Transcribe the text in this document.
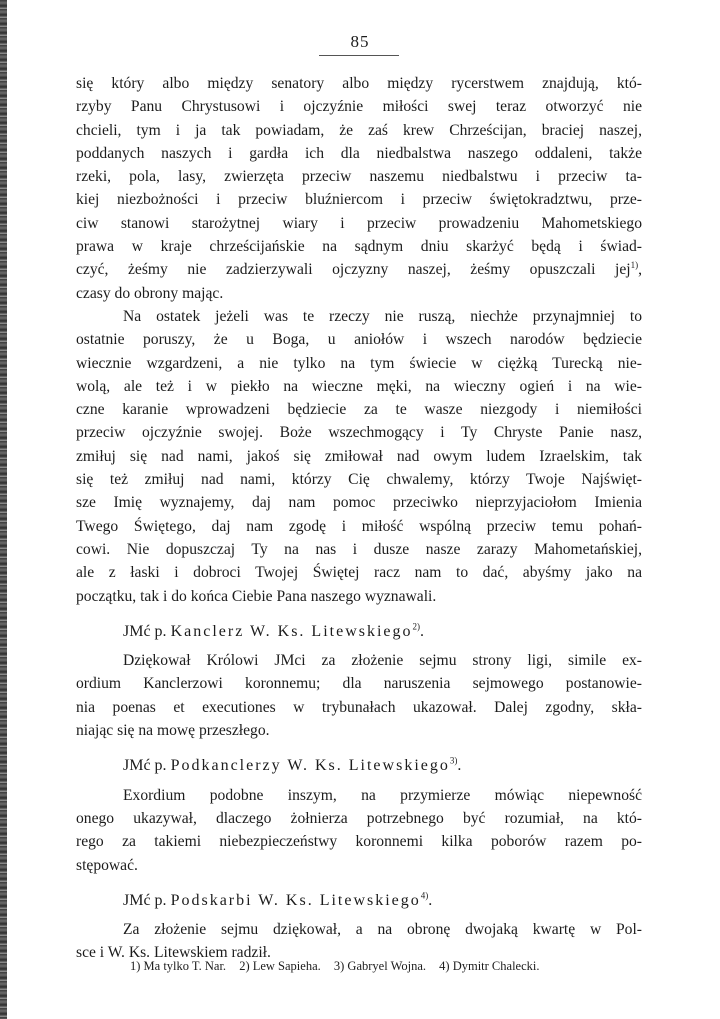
85

się który albo między senatory albo między rycerstwem znajdują, któ-
rzyby Panu Chrystusowi i ojczyźnie miłości swej teraz otworzyć nie
chcieli, tym i ja tak powiadam, że zaś krew Chrześcijan, braciej naszej,
poddanych naszych i gardła ich dla niedbalstwa naszego oddaleni, także
rzeki, pola, lasy, zwierzęta przeciw naszemu niedbalstwu i przeciw ta-
kiej niezbożności i przeciw bluźniercom i przeciw świętokradztwu, prze-
ciw stanowi starożytnej wiary i przeciw prowadzeniu Mahometskiego
prawa w kraje chrześcijańskie na sądnym dniu skarżyć będą i świad-
czyć, żeśmy nie zadzierzywali ojczyzny naszej, żeśmy opuszczali jej$^{1)}$,
czasy do obrony mając.

Na ostatek jeżeli was te rzeczy nie ruszą, niechże przynajmniej to
ostatnie poruszy, że u Boga, u aniołów i wszech narodów będziecie
wiecznie wzgardzeni, a nie tylko na tym świecie w ciężką Turecką nie-
wolą, ale też i w piekło na wieczne męki, na wieczny ogień i na wie-
czne karanie wprowadzeni będziecie za te wasze niezgody i niemiłości
przeciw ojczyźnie swojej. Boże wszechmogący i Ty Chryste Panie nasz,
zmiłuj się nad nami, jakoś się zmiłował nad owym ludem Izraelskim, tak
się też zmiłuj nad nami, którzy Cię chwalemy, którzy Twoje Najświęt-
sze Imię wyznajemy, daj nam pomoc przeciwko nieprzyjaciołom Imienia
Twego Świętego, daj nam zgodę i miłość wspólną przeciw temu pohań-
cowi. Nie dopuszczaj Ty na nas i dusze nasze zarazy Mahometańskiej,
ale z łaski i dobroci Twojej Świętej racz nam to dać, abyśmy jako na
początku, tak i do końca Ciebie Pana naszego wyznawali.

JMć p. Kanclerz W. Ks. Litewskiego$^{2)}$.

Dziękował Królowi JMci za złożenie sejmu strony ligi, simile ex-
ordium Kanclerzowi koronnemu; dla naruszenia sejmowego postanowie-
nia poenas et executiones w trybunałach ukazował. Dalej zgodny, skła-
niając się na mowę przeszłego.

JMć p. Podkanclerzy W. Ks. Litewskiego$^{3)}$.

Exordium podobne inszym, na przymierze mówiąc niepewność
onego ukazywał, dlaczego żołnierza potrzebnego być rozumiał, na któ-
rego za takiemi niebezpieczeństwy koronnemi kilka poborów razem po-
stępować.

JMć p. Podskarbi W. Ks. Litewskiego$^{4)}$.

Za złożenie sejmu dziękował, a na obronę dwojaką kwartę w Pol-
sce i W. Ks. Litewskiem radził.

1) Ma tylko T. Nar. 2) Lew Sapieha. 3) Gabryel Wojna. 4) Dymitr Chalecki.
